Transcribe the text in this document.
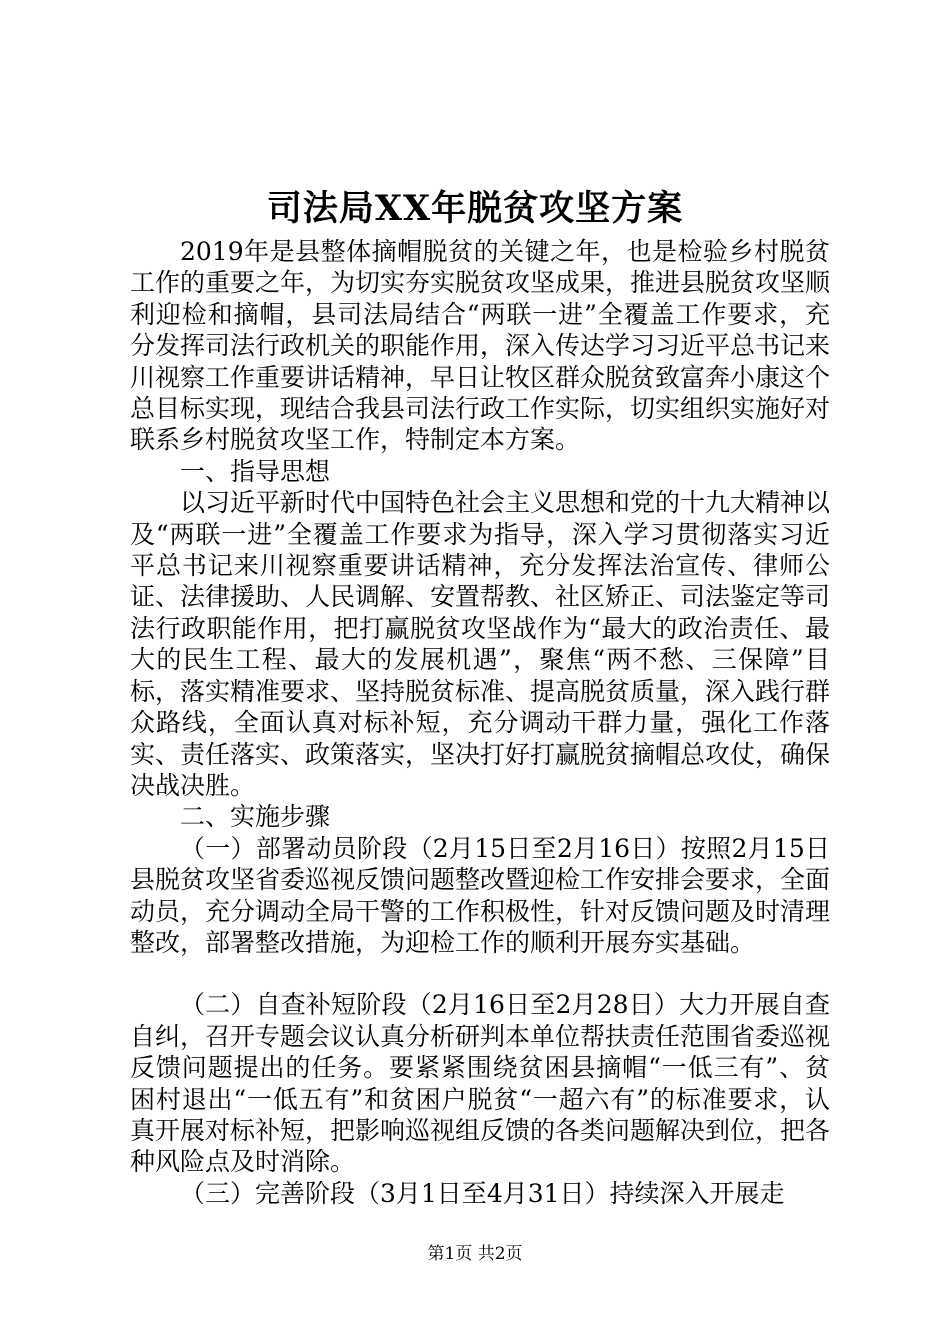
司法局XX年脱贫攻坚方案

2019年是县整体摘帽脱贫的关键之年，也是检验乡村脱贫工作的重要之年，为切实夯实脱贫攻坚成果，推进县脱贫攻坚顺利迎检和摘帽，县司法局结合“两联一进”全覆盖工作要求，充分发挥司法行政机关的职能作用，深入传达学习习近平总书记来川视察工作重要讲话精神，早日让牧区群众脱贫致富奔小康这个总目标实现，现结合我县司法行政工作实际，切实组织实施好对联系乡村脱贫攻坚工作，特制定本方案。

一、指导思想

以习近平新时代中国特色社会主义思想和党的十九大精神以及“两联一进”全覆盖工作要求为指导，深入学习贯彻落实习近平总书记来川视察重要讲话精神，充分发挥法治宣传、律师公证、法律援助、人民调解、安置帮教、社区矫正、司法鉴定等司法行政职能作用，把打赢脱贫攻坚战作为“最大的政治责任、最大的民生工程、最大的发展机遇”，聚焦“两不愁、三保障”目标，落实精准要求、坚持脱贫标准、提高脱贫质量，深入践行群众路线，全面认真对标补短，充分调动干群力量，强化工作落实、责任落实、政策落实，坚决打好打赢脱贫摘帽总攻仗，确保决战决胜。

二、实施步骤

（一）部署动员阶段（2月15日至2月16日）按照2月15日县脱贫攻坚省委巡视反馈问题整改暨迎检工作安排会要求，全面动员，充分调动全局干警的工作积极性，针对反馈问题及时清理整改，部署整改措施，为迎检工作的顺利开展夯实基础。

（二）自查补短阶段（2月16日至2月28日）大力开展自查自纠，召开专题会议认真分析研判本单位帮扶责任范围省委巡视反馈问题提出的任务。要紧紧围绕贫困县摘帽“一低三有”、贫困村退出“一低五有”和贫困户脱贫“一超六有”的标准要求，认真开展对标补短，把影响巡视组反馈的各类问题解决到位，把各种风险点及时消除。

（三）完善阶段（3月1日至4月31日）持续深入开展走

第1页 共2页
